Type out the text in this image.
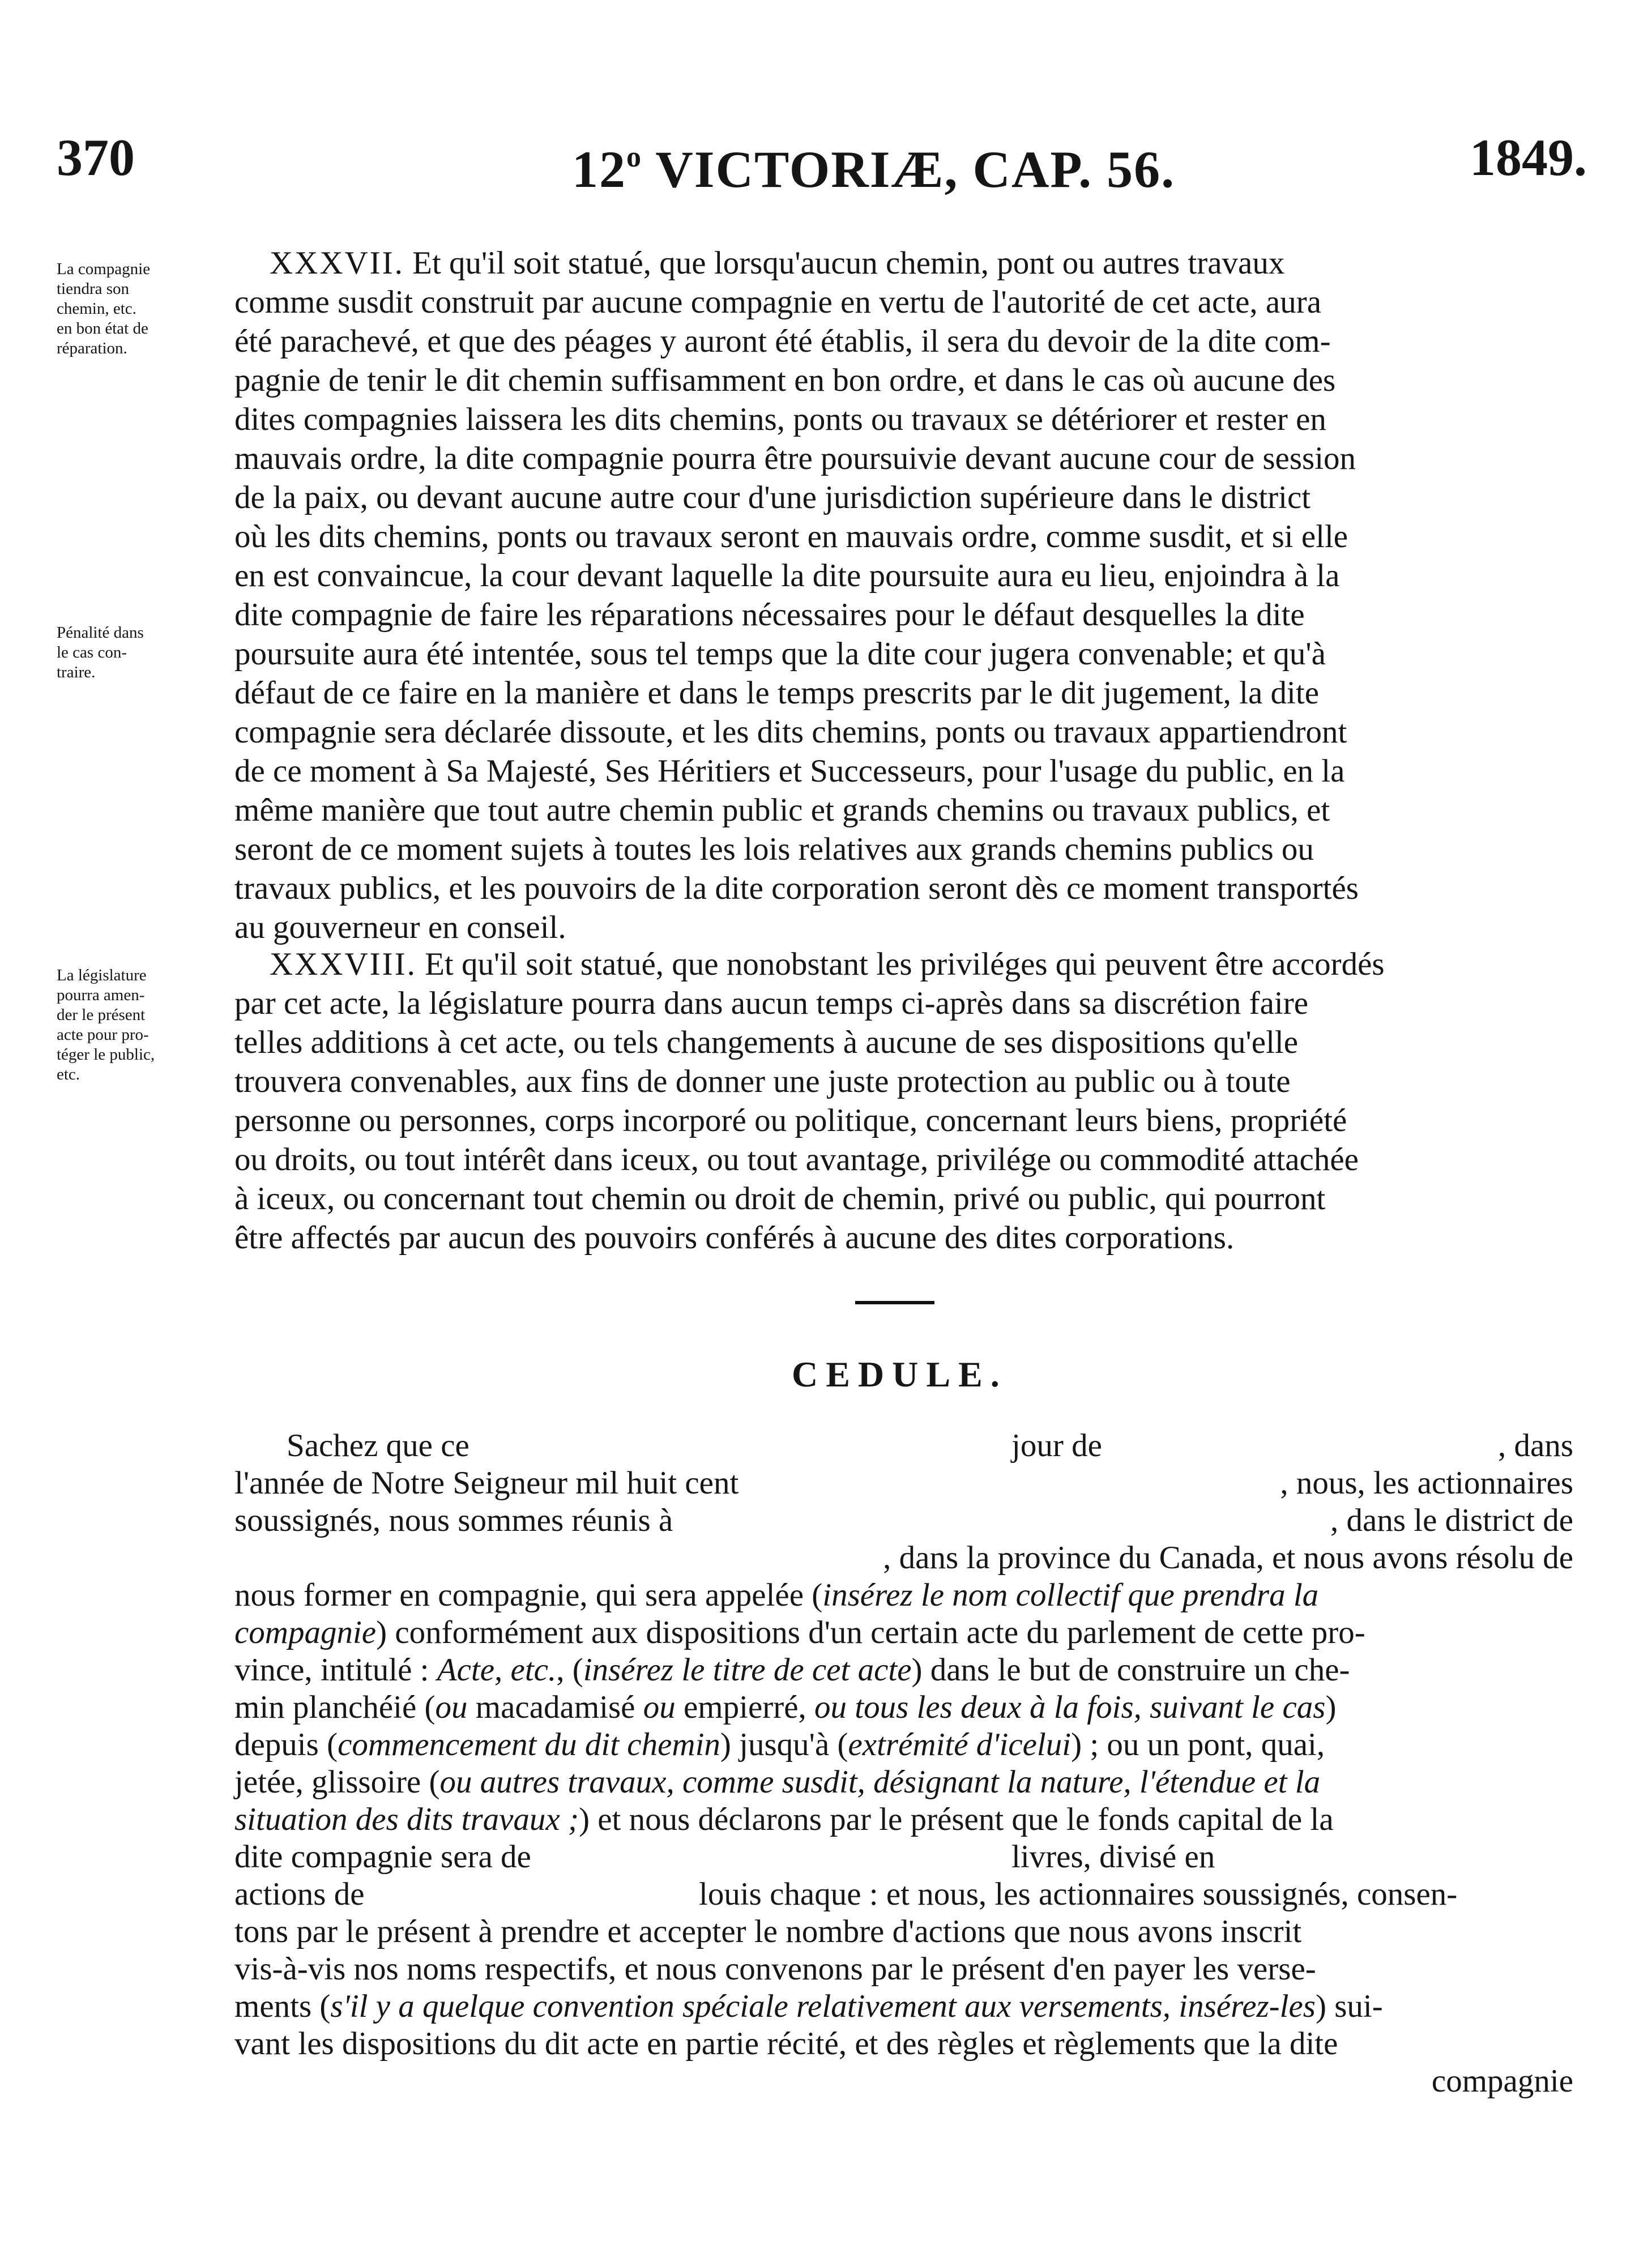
370	12$^o$ VICTORIÆ, CAP. 56.	1849.
La compagnie
tiendra son
chemin, etc.
en bon état de
réparation.
Pénalité dans
le cas con-
traire.
La législature
pourra amen-
der le présent
acte pour pro-
téger le public,
etc.
XXXVII. Et qu'il soit statué, que lorsqu'aucun chemin, pont ou autres travaux
comme susdit construit par aucune compagnie en vertu de l'autorité de cet acte, aura
été parachevé, et que des péages y auront été établis, il sera du devoir de la dite com-
pagnie de tenir le dit chemin suffisamment en bon ordre, et dans le cas où aucune des
dites compagnies laissera les dits chemins, ponts ou travaux se détériorer et rester en
mauvais ordre, la dite compagnie pourra être poursuivie devant aucune cour de session
de la paix, ou devant aucune autre cour d'une jurisdiction supérieure dans le district
où les dits chemins, ponts ou travaux seront en mauvais ordre, comme susdit, et si elle
en est convaincue, la cour devant laquelle la dite poursuite aura eu lieu, enjoindra à la
dite compagnie de faire les réparations nécessaires pour le défaut desquelles la dite
poursuite aura été intentée, sous tel temps que la dite cour jugera convenable; et qu'à
défaut de ce faire en la manière et dans le temps prescrits par le dit jugement, la dite
compagnie sera déclarée dissoute, et les dits chemins, ponts ou travaux appartiendront
de ce moment à Sa Majesté, Ses Héritiers et Successeurs, pour l'usage du public, en la
même manière que tout autre chemin public et grands chemins ou travaux publics, et
seront de ce moment sujets à toutes les lois relatives aux grands chemins publics ou
travaux publics, et les pouvoirs de la dite corporation seront dès ce moment transportés
au gouverneur en conseil.
XXXVIII. Et qu'il soit statué, que nonobstant les priviléges qui peuvent être accordés
par cet acte, la législature pourra dans aucun temps ci-après dans sa discrétion faire
telles additions à cet acte, ou tels changements à aucune de ses dispositions qu'elle
trouvera convenables, aux fins de donner une juste protection au public ou à toute
personne ou personnes, corps incorporé ou politique, concernant leurs biens, propriété
ou droits, ou tout intérêt dans iceux, ou tout avantage, privilége ou commodité attachée
à iceux, ou concernant tout chemin ou droit de chemin, privé ou public, qui pourront
être affectés par aucun des pouvoirs conférés à aucune des dites corporations.
CEDULE.
Sachez que ce	jour de	, dans
l'année de Notre Seigneur mil huit cent	, nous, les actionnaires
soussignés, nous sommes réunis à	, dans le district de
, dans la province du Canada, et nous avons résolu de
nous former en compagnie, qui sera appelée (insérez le nom collectif que prendra la
compagnie) conformément aux dispositions d'un certain acte du parlement de cette pro-
vince, intitulé : Acte, etc., (insérez le titre de cet acte) dans le but de construire un che-
min planchéié (ou macadamisé ou empierré, ou tous les deux à la fois, suivant le cas)
depuis (commencement du dit chemin) jusqu'à (extrémité d'icelui) ; ou un pont, quai,
jetée, glissoire (ou autres travaux, comme susdit, désignant la nature, l'étendue et la
situation des dits travaux ;) et nous déclarons par le présent que le fonds capital de la
dite compagnie sera de	livres, divisé en
actions de	louis chaque : et nous, les actionnaires soussignés, consen-
tons par le présent à prendre et accepter le nombre d'actions que nous avons inscrit
vis-à-vis nos noms respectifs, et nous convenons par le présent d'en payer les verse-
ments (s'il y a quelque convention spéciale relativement aux versements, insérez-les) sui-
vant les dispositions du dit acte en partie récité, et des règles et règlements que la dite
compagnie
